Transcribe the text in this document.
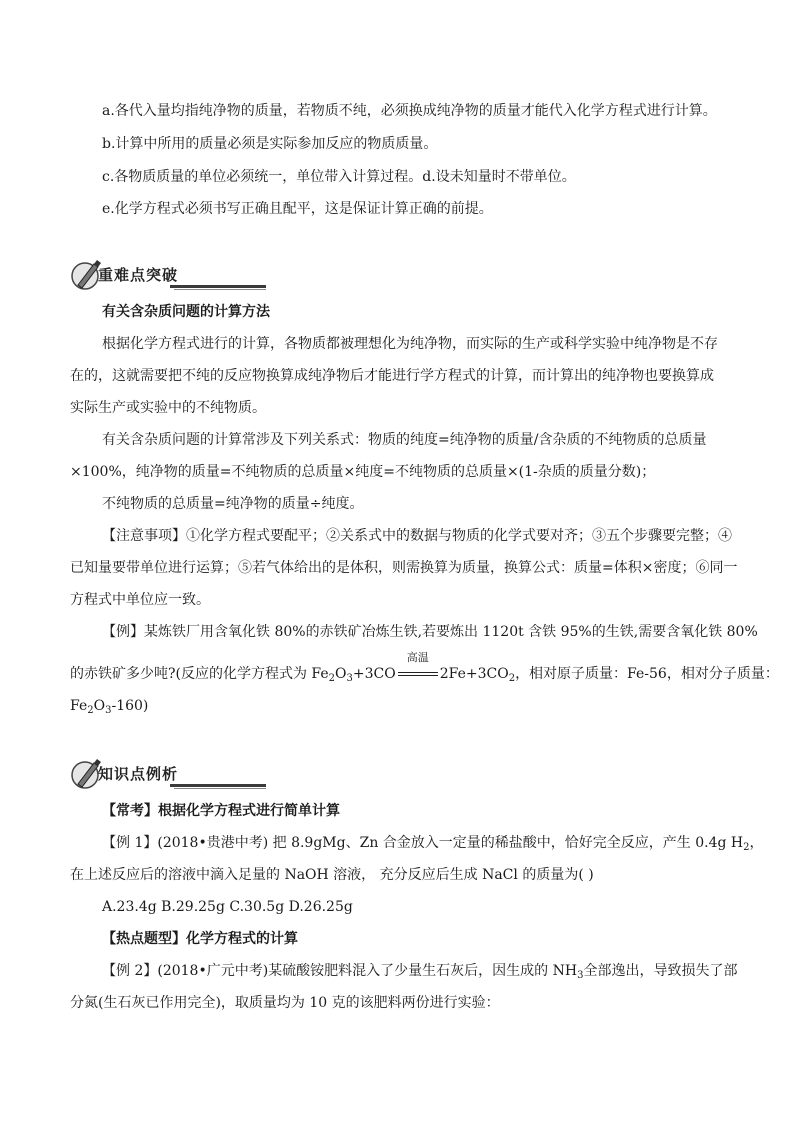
a.各代入量均指纯净物的质量，若物质不纯，必须换成纯净物的质量才能代入化学方程式进行计算。
b.计算中所用的质量必须是实际参加反应的物质质量。
c.各物质质量的单位必须统一，单位带入计算过程。d.设未知量时不带单位。
e.化学方程式必须书写正确且配平，这是保证计算正确的前提。
重难点突破
有关含杂质问题的计算方法
根据化学方程式进行的计算，各物质都被理想化为纯净物，而实际的生产或科学实验中纯净物是不存
在的，这就需要把不纯的反应物换算成纯净物后才能进行学方程式的计算，而计算出的纯净物也要换算成
实际生产或实验中的不纯物质。
有关含杂质问题的计算常涉及下列关系式：物质的纯度=纯净物的质量/含杂质的不纯物质的总质量
×100%，纯净物的质量=不纯物质的总质量×纯度=不纯物质的总质量×(1-杂质的质量分数)；
不纯物质的总质量=纯净物的质量÷纯度。
【注意事项】①化学方程式要配平；②关系式中的数据与物质的化学式要对齐；③五个步骤要完整；④
已知量要带单位进行运算；⑤若气体给出的是体积，则需换算为质量，换算公式：质量=体积×密度；⑥同一
方程式中单位应一致。
【例】某炼铁厂用含氧化铁 80%的赤铁矿冶炼生铁,若要炼出 1120t 含铁 95%的生铁,需要含氧化铁 80%
的赤铁矿多少吨?(反应的化学方程式为 $Fe_2O_3+3CO$
高温
$2Fe+3CO_2$，相对原子质量：Fe-56，相对分子质量：
$Fe_2O_3-160$)
知识点例析
【常考】根据化学方程式进行简单计算
【例 1】(2018•贵港中考) 把 8.9gMg、Zn 合金放入一定量的稀盐酸中，恰好完全反应，产生 0.4g $H_2$，
在上述反应后的溶液中滴入足量的 NaOH 溶液， 充分反应后生成 NaCl 的质量为( )
A.23.4g B.29.25g C.30.5g D.26.25g
【热点题型】化学方程式的计算
【例 2】(2018•广元中考)某硫酸铵肥料混入了少量生石灰后，因生成的 $NH_3$全部逸出，导致损失了部
分氮(生石灰已作用完全)，取质量均为 10 克的该肥料两份进行实验：
